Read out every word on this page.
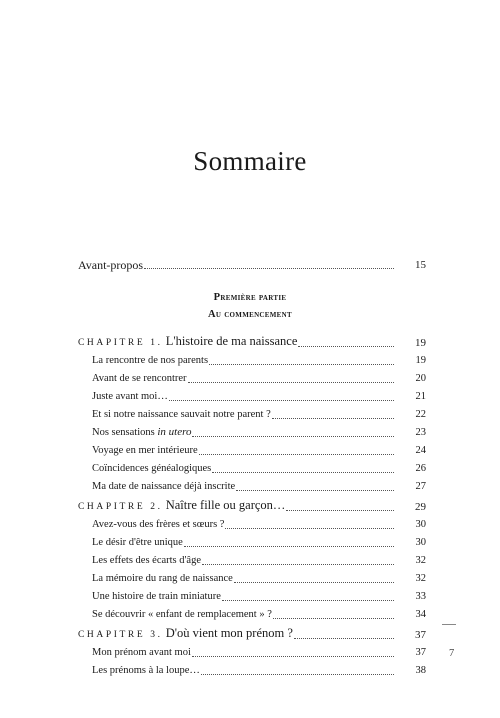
Sommaire
Avant-propos	15
Première partie
Au commencement
CHAPITRE 1. L'histoire de ma naissance	19
La rencontre de nos parents	19
Avant de se rencontrer	20
Juste avant moi…	21
Et si notre naissance sauvait notre parent ?	22
Nos sensations in utero	23
Voyage en mer intérieure	24
Coïncidences généalogiques	26
Ma date de naissance déjà inscrite	27
CHAPITRE 2. Naître fille ou garçon…	29
Avez-vous des frères et sœurs ?	30
Le désir d'être unique	30
Les effets des écarts d'âge	32
La mémoire du rang de naissance	32
Une histoire de train miniature	33
Se découvrir « enfant de remplacement » ?	34
CHAPITRE 3. D'où vient mon prénom ?	37
Mon prénom avant moi	37
Les prénoms à la loupe…	38
7
